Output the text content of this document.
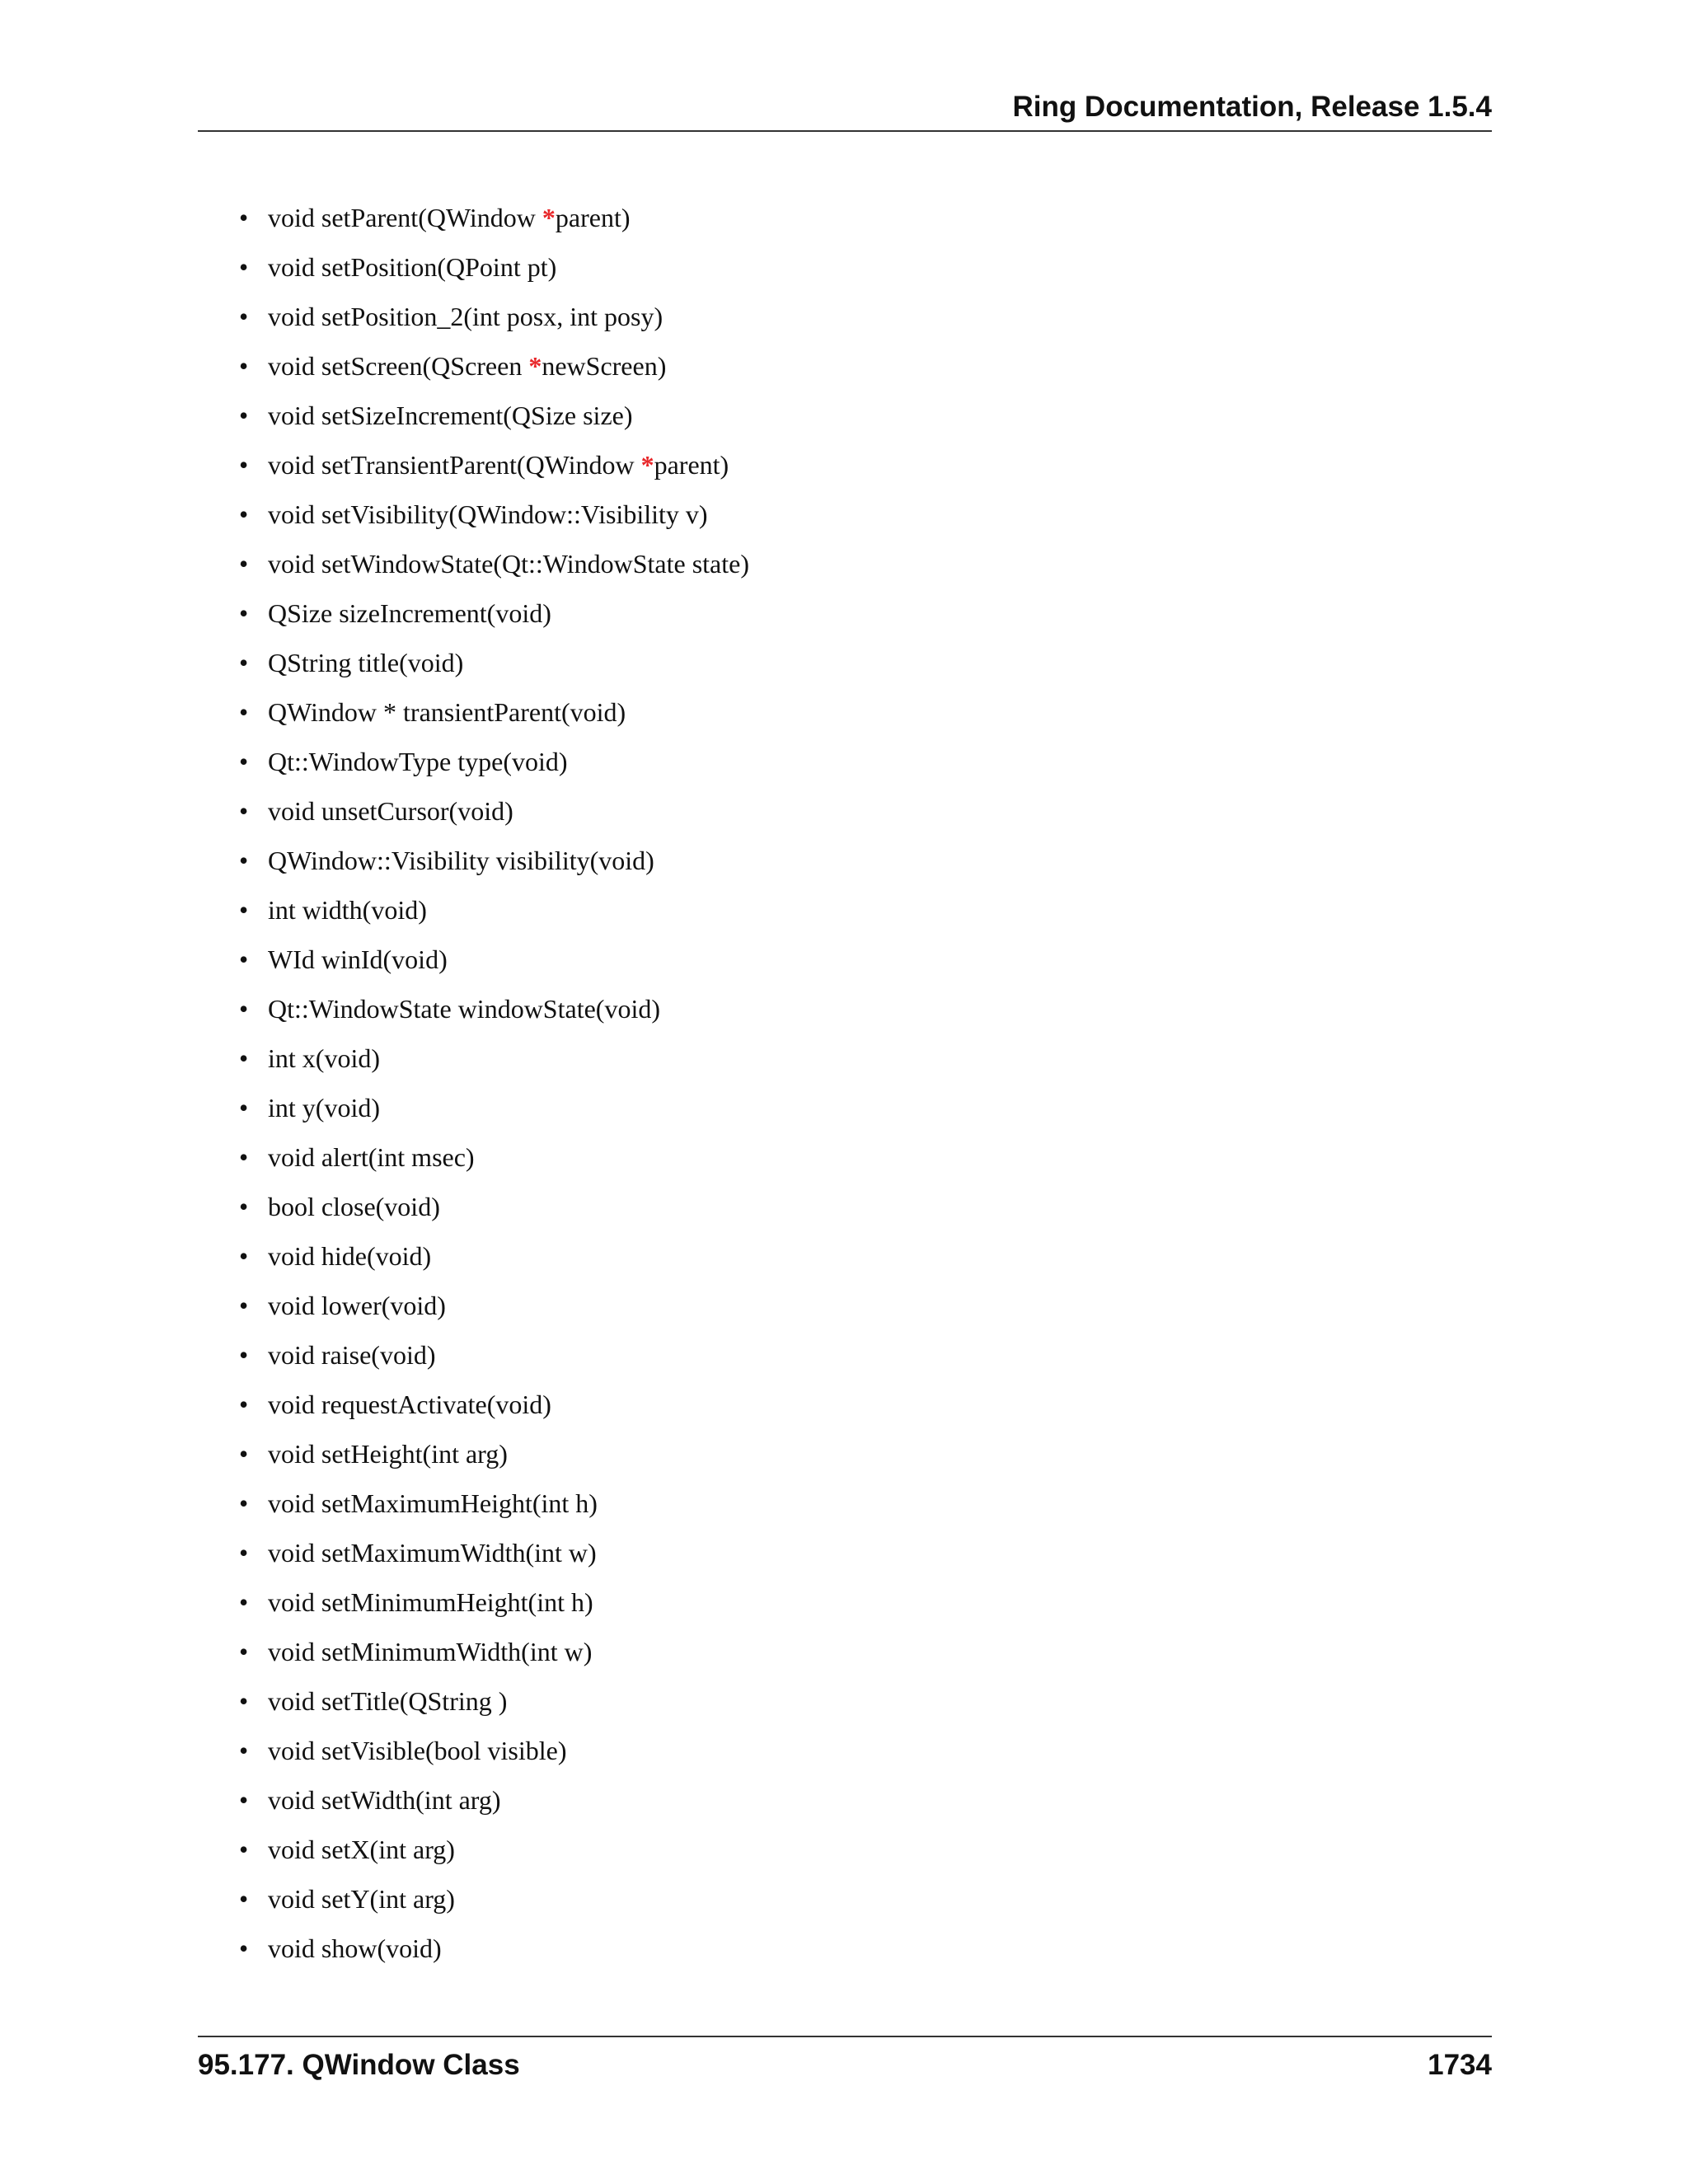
Ring Documentation, Release 1.5.4
• void setParent(QWindow *parent)
• void setPosition(QPoint pt)
• void setPosition_2(int posx, int posy)
• void setScreen(QScreen *newScreen)
• void setSizeIncrement(QSize size)
• void setTransientParent(QWindow *parent)
• void setVisibility(QWindow::Visibility v)
• void setWindowState(Qt::WindowState state)
• QSize sizeIncrement(void)
• QString title(void)
• QWindow * transientParent(void)
• Qt::WindowType type(void)
• void unsetCursor(void)
• QWindow::Visibility visibility(void)
• int width(void)
• WId winId(void)
• Qt::WindowState windowState(void)
• int x(void)
• int y(void)
• void alert(int msec)
• bool close(void)
• void hide(void)
• void lower(void)
• void raise(void)
• void requestActivate(void)
• void setHeight(int arg)
• void setMaximumHeight(int h)
• void setMaximumWidth(int w)
• void setMinimumHeight(int h)
• void setMinimumWidth(int w)
• void setTitle(QString )
• void setVisible(bool visible)
• void setWidth(int arg)
• void setX(int arg)
• void setY(int arg)
• void show(void)
95.177. QWindow Class	1734
